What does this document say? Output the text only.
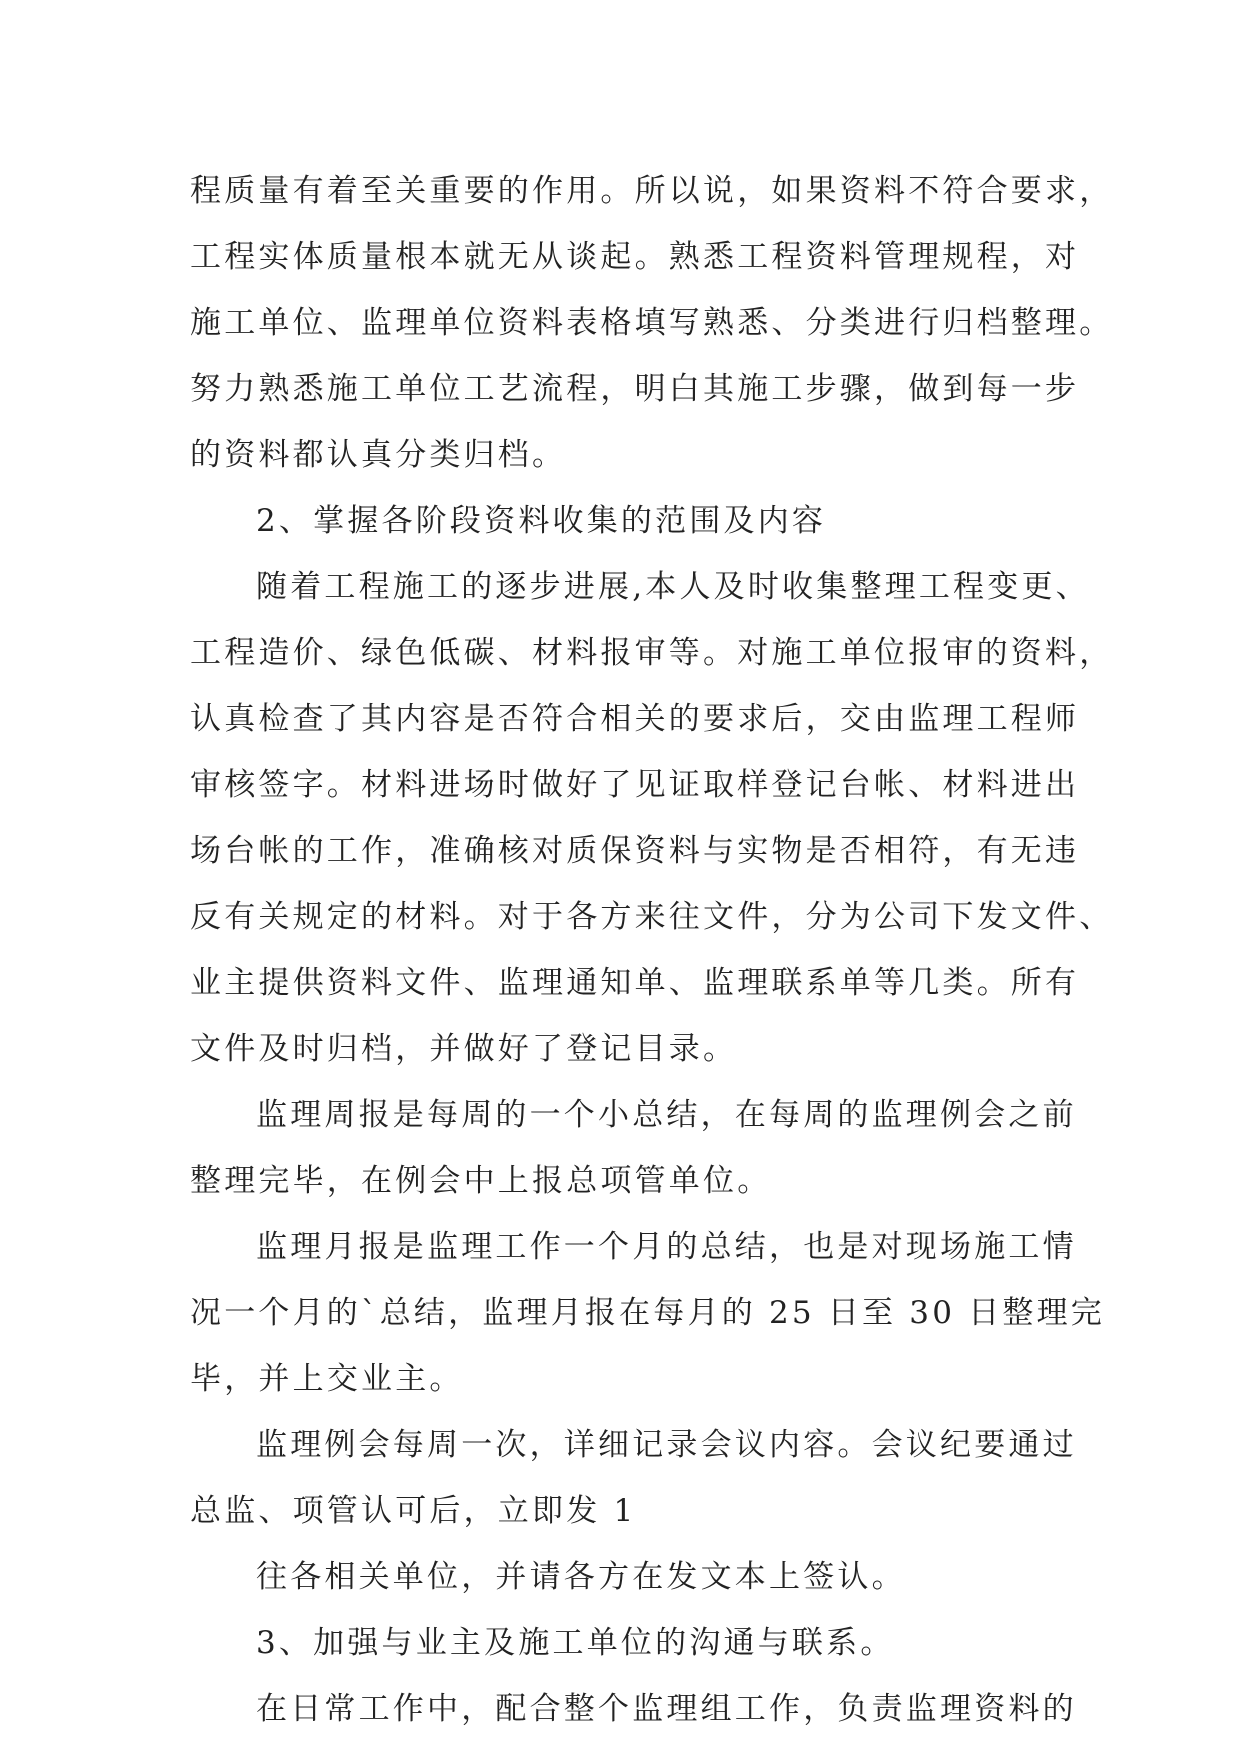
程质量有着至关重要的作用。所以说，如果资料不符合要求，
工程实体质量根本就无从谈起。熟悉工程资料管理规程，对
施工单位、监理单位资料表格填写熟悉、分类进行归档整理。
努力熟悉施工单位工艺流程，明白其施工步骤，做到每一步
的资料都认真分类归档。
2、掌握各阶段资料收集的范围及内容
随着工程施工的逐步进展,本人及时收集整理工程变更、
工程造价、绿色低碳、材料报审等。对施工单位报审的资料，
认真检查了其内容是否符合相关的要求后，交由监理工程师
审核签字。材料进场时做好了见证取样登记台帐、材料进出
场台帐的工作，准确核对质保资料与实物是否相符，有无违
反有关规定的材料。对于各方来往文件，分为公司下发文件、
业主提供资料文件、监理通知单、监理联系单等几类。所有
文件及时归档，并做好了登记目录。
监理周报是每周的一个小总结，在每周的监理例会之前
整理完毕，在例会中上报总项管单位。
监理月报是监理工作一个月的总结，也是对现场施工情
况一个月的`总结，监理月报在每月的 25 日至 30 日整理完
毕，并上交业主。
监理例会每周一次，详细记录会议内容。会议纪要通过
总监、项管认可后，立即发 1
往各相关单位，并请各方在发文本上签认。
3、加强与业主及施工单位的沟通与联系。
在日常工作中，配合整个监理组工作，负责监理资料的
